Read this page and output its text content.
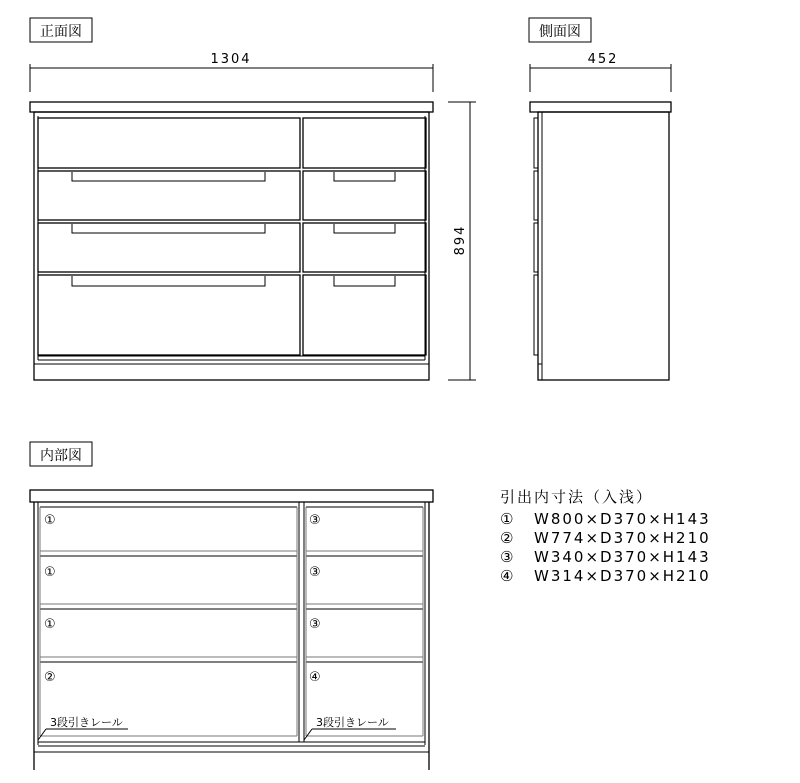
正面図
1304
894
側面図
452
内部図
①
①
①
②
③
③
③
④
3段引きレール	3段引きレール
引出内寸法（入浅）
① W800×D370×H143
② W774×D370×H210
③ W340×D370×H143
④ W314×D370×H210
